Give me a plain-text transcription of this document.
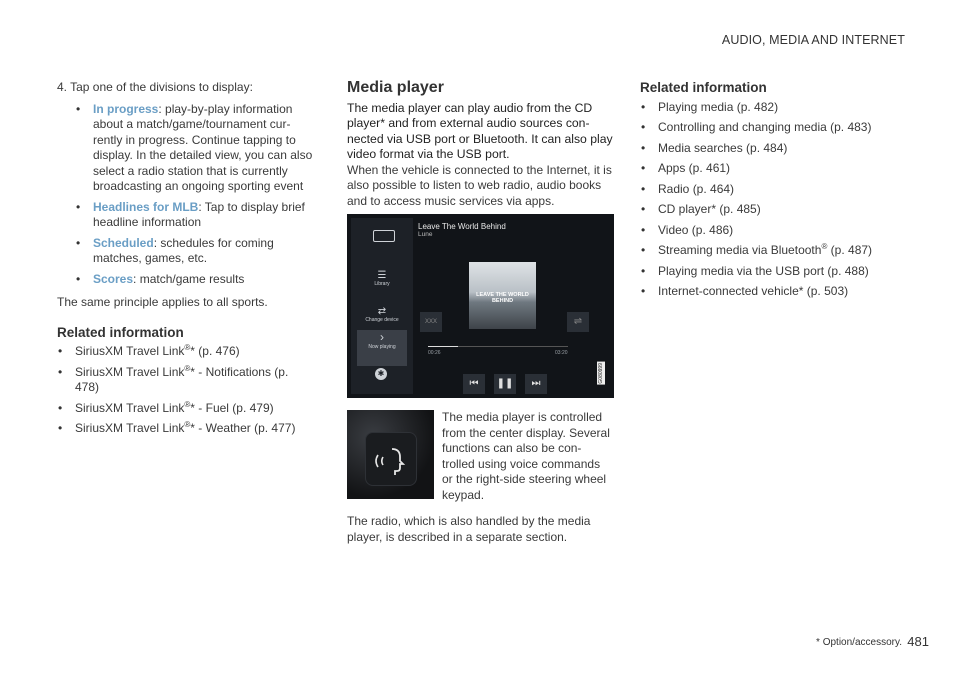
AUDIO, MEDIA AND INTERNET
4. Tap one of the divisions to display:
• In progress: play-by-play information about a match/game/tournament cur-rently in progress. Continue tapping to display. In the detailed view, you can also select a radio station that is currently broadcasting an ongoing sporting event
• Headlines for MLB: Tap to display brief headline information
• Scheduled: schedules for coming matches, games, etc.
• Scores: match/game results
The same principle applies to all sports.
Related information
• SiriusXM Travel Link®* (p. 476)
• SiriusXM Travel Link®* - Notifications (p. 478)
• SiriusXM Travel Link®* - Fuel (p. 479)
• SiriusXM Travel Link®* - Weather (p. 477)
Media player
The media player can play audio from the CD player* and from external audio sources con-nected via USB port or Bluetooth. It can also play video format via the USB port.
When the vehicle is connected to the Internet, it is also possible to listen to web radio, audio books and to access music services via apps.
☰
Library
⇄
Change device
›
Now playing
✱
Leave The World Behind
Lune
LEAVE THE WORLD BEHIND
XXX	⇌
00:26	03:20
⏮	❚❚	⏭	G080999
The media player is controlled from the center display. Several functions can also be con-trolled using voice commands or the right-side steering wheel keypad.
The radio, which is also handled by the media player, is described in a separate section.
Related information
• Playing media (p. 482)
• Controlling and changing media (p. 483)
• Media searches (p. 484)
• Apps (p. 461)
• Radio (p. 464)
• CD player* (p. 485)
• Video (p. 486)
• Streaming media via Bluetooth® (p. 487)
• Playing media via the USB port (p. 488)
• Internet-connected vehicle* (p. 503)
* Option/accessory. 481
